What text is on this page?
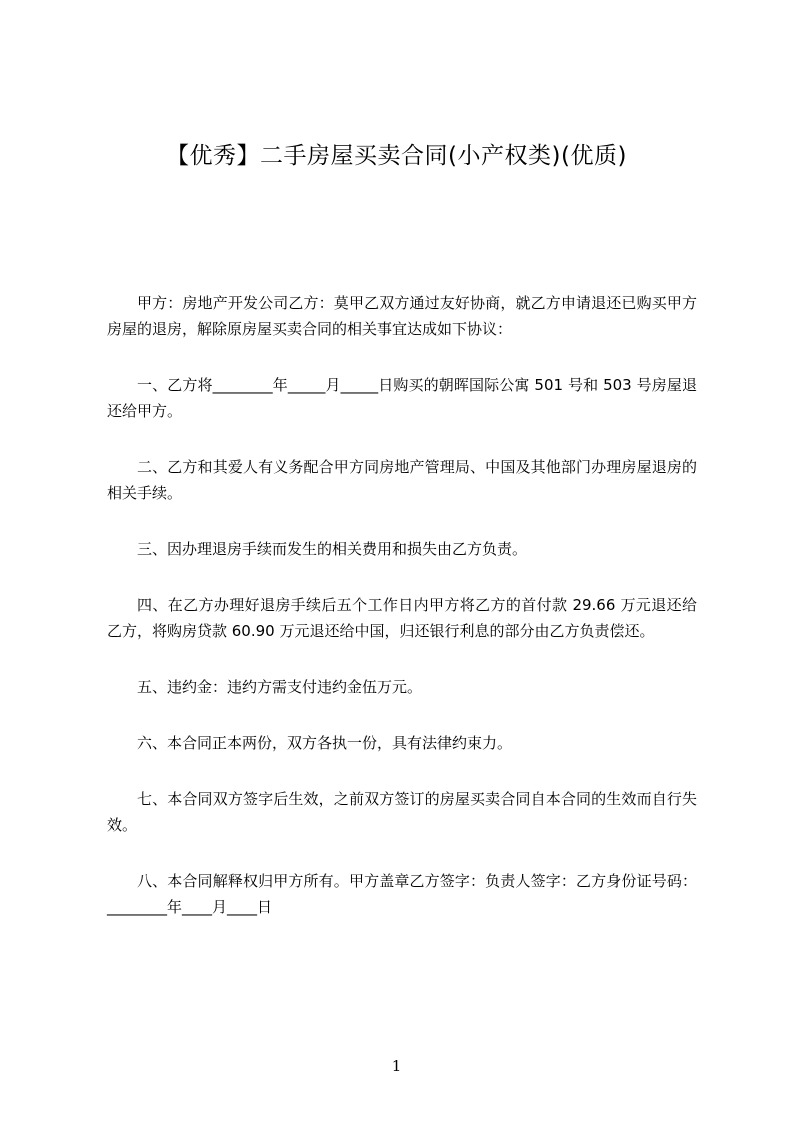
【优秀】二手房屋买卖合同(小产权类)(优质)

甲方：房地产开发公司乙方：莫甲乙双方通过友好协商，就乙方申请退还已购买甲方房屋的退房，解除原房屋买卖合同的相关事宜达成如下协议：

一、乙方将________年_____月_____日购买的朝晖国际公寓 501 号和 503 号房屋退还给甲方。

二、乙方和其爱人有义务配合甲方同房地产管理局、中国及其他部门办理房屋退房的相关手续。

三、因办理退房手续而发生的相关费用和损失由乙方负责。

四、在乙方办理好退房手续后五个工作日内甲方将乙方的首付款 29.66 万元退还给乙方，将购房贷款 60.90 万元退还给中国，归还银行利息的部分由乙方负责偿还。

五、违约金：违约方需支付违约金伍万元。

六、本合同正本两份，双方各执一份，具有法律约束力。

七、本合同双方签字后生效，之前双方签订的房屋买卖合同自本合同的生效而自行失效。

八、本合同解释权归甲方所有。甲方盖章乙方签字：负责人签字：乙方身份证号码：________年____月____日

1
